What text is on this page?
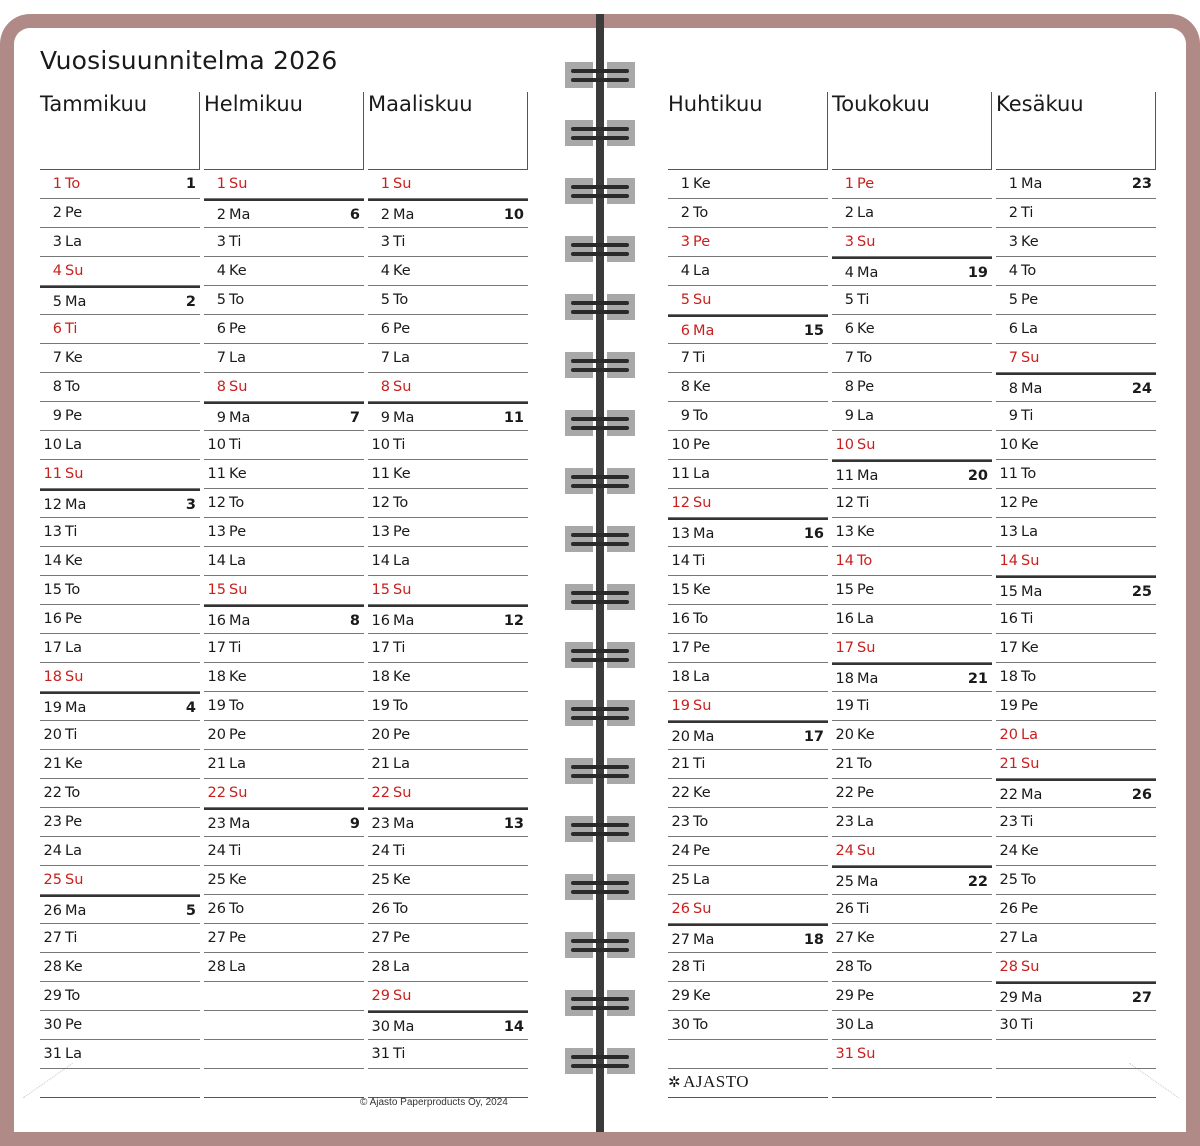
Vuosisuunnitelma 2026
Tammikuu
1 To	1
2 Pe
3 La
4 Su
5 Ma	2
6 Ti
7 Ke
8 To
9 Pe
10 La
11 Su
12 Ma	3
13 Ti
14 Ke
15 To
16 Pe
17 La
18 Su
19 Ma	4
20 Ti
21 Ke
22 To
23 Pe
24 La
25 Su
26 Ma	5
27 Ti
28 Ke
29 To
30 Pe
31 La
Helmikuu
1 Su
2 Ma	6
3 Ti
4 Ke
5 To
6 Pe
7 La
8 Su
9 Ma	7
10 Ti
11 Ke
12 To
13 Pe
14 La
15 Su
16 Ma	8
17 Ti
18 Ke
19 To
20 Pe
21 La
22 Su
23 Ma	9
24 Ti
25 Ke
26 To
27 Pe
28 La
Maaliskuu
1 Su
2 Ma	10
3 Ti
4 Ke
5 To
6 Pe
7 La
8 Su
9 Ma	11
10 Ti
11 Ke
12 To
13 Pe
14 La
15 Su
16 Ma	12
17 Ti
18 Ke
19 To
20 Pe
21 La
22 Su
23 Ma	13
24 Ti
25 Ke
26 To
27 Pe
28 La
29 Su
30 Ma	14
31 Ti
Huhtikuu
1 Ke
2 To
3 Pe
4 La
5 Su
6 Ma	15
7 Ti
8 Ke
9 To
10 Pe
11 La
12 Su
13 Ma	16
14 Ti
15 Ke
16 To
17 Pe
18 La
19 Su
20 Ma	17
21 Ti
22 Ke
23 To
24 Pe
25 La
26 Su
27 Ma	18
28 Ti
29 Ke
30 To
Toukokuu
1 Pe
2 La
3 Su
4 Ma	19
5 Ti
6 Ke
7 To
8 Pe
9 La
10 Su
11 Ma	20
12 Ti
13 Ke
14 To
15 Pe
16 La
17 Su
18 Ma	21
19 Ti
20 Ke
21 To
22 Pe
23 La
24 Su
25 Ma	22
26 Ti
27 Ke
28 To
29 Pe
30 La
31 Su
Kesäkuu
1 Ma	23
2 Ti
3 Ke
4 To
5 Pe
6 La
7 Su
8 Ma	24
9 Ti
10 Ke
11 To
12 Pe
13 La
14 Su
15 Ma	25
16 Ti
17 Ke
18 To
19 Pe
20 La
21 Su
22 Ma	26
23 Ti
24 Ke
25 To
26 Pe
27 La
28 Su
29 Ma	27
30 Ti
© Ajasto Paperproducts Oy, 2024
✲ AJASTO
